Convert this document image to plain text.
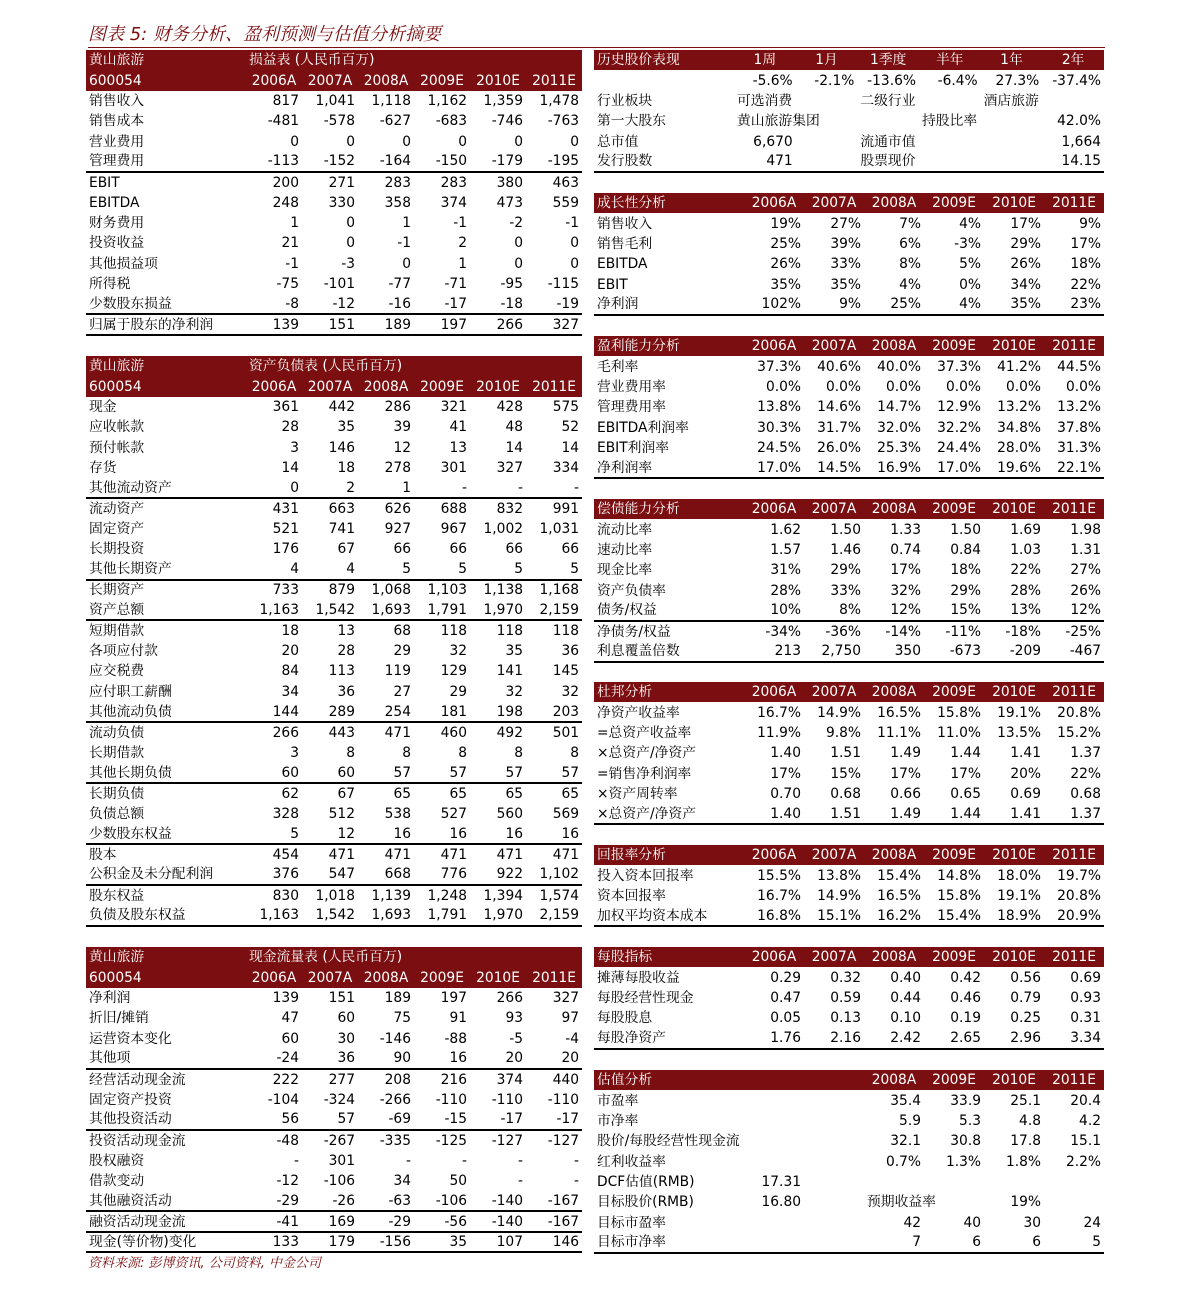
图表 5: 财务分析、盈利预测与估值分析摘要
黄山旅游	损益表 (人民币百万)					
600054	2006A	2007A	2008A	2009E	2010E	2011E
销售收入	817	1,041	1,118	1,162	1,359	1,478
销售成本	-481	-578	-627	-683	-746	-763
营业费用	0	0	0	0	0	0
管理费用	-113	-152	-164	-150	-179	-195
EBIT	200	271	283	283	380	463
EBITDA	248	330	358	374	473	559
财务费用	1	0	1	-1	-2	-1
投资收益	21	0	-1	2	0	0
其他损益项	-1	-3	0	1	0	0
所得税	-75	-101	-77	-71	-95	-115
少数股东损益	-8	-12	-16	-17	-18	-19
归属于股东的净利润	139	151	189	197	266	327
黄山旅游	资产负债表 (人民币百万)					
600054	2006A	2007A	2008A	2009E	2010E	2011E
现金	361	442	286	321	428	575
应收帐款	28	35	39	41	48	52
预付帐款	3	146	12	13	14	14
存货	14	18	278	301	327	334
其他流动资产	0	2	1	-	-	-
流动资产	431	663	626	688	832	991
固定资产	521	741	927	967	1,002	1,031
长期投资	176	67	66	66	66	66
其他长期资产	4	4	5	5	5	5
长期资产	733	879	1,068	1,103	1,138	1,168
资产总额	1,163	1,542	1,693	1,791	1,970	2,159
短期借款	18	13	68	118	118	118
各项应付款	20	28	29	32	35	36
应交税费	84	113	119	129	141	145
应付职工薪酬	34	36	27	29	32	32
其他流动负债	144	289	254	181	198	203
流动负债	266	443	471	460	492	501
长期借款	3	8	8	8	8	8
其他长期负债	60	60	57	57	57	57
长期负债	62	67	65	65	65	65
负债总额	328	512	538	527	560	569
少数股东权益	5	12	16	16	16	16
股本	454	471	471	471	471	471
公积金及未分配利润	376	547	668	776	922	1,102
股东权益	830	1,018	1,139	1,248	1,394	1,574
负债及股东权益	1,163	1,542	1,693	1,791	1,970	2,159
黄山旅游	现金流量表 (人民币百万)					
600054	2006A	2007A	2008A	2009E	2010E	2011E
净利润	139	151	189	197	266	327
折旧/摊销	47	60	75	91	93	97
运营资本变化	60	30	-146	-88	-5	-4
其他项	-24	36	90	16	20	20
经营活动现金流	222	277	208	216	374	440
固定资产投资	-104	-324	-266	-110	-110	-110
其他投资活动	56	57	-69	-15	-17	-17
投资活动现金流	-48	-267	-335	-125	-127	-127
股权融资	-	301	-	-	-	-
借款变动	-12	-106	34	50	-	-
其他融资活动	-29	-26	-63	-106	-140	-167
融资活动现金流	-41	169	-29	-56	-140	-167
现金(等价物)变化	133	179	-156	35	107	146
历史股价表现	1周	1月	1季度	半年	1年	2年
	-5.6%	-2.1%	-13.6%	-6.4%	27.3%	-37.4%
行业板块	可选消费		二级行业		酒店旅游	
第一大股东	黄山旅游集团			持股比率		42.0%
总市值	6,670		流通市值			1,664
发行股数	471		股票现价			14.15
成长性分析	2006A	2007A	2008A	2009E	2010E	2011E
销售收入	19%	27%	7%	4%	17%	9%
销售毛利	25%	39%	6%	-3%	29%	17%
EBITDA	26%	33%	8%	5%	26%	18%
EBIT	35%	35%	4%	0%	34%	22%
净利润	102%	9%	25%	4%	35%	23%
盈利能力分析	2006A	2007A	2008A	2009E	2010E	2011E
毛利率	37.3%	40.6%	40.0%	37.3%	41.2%	44.5%
营业费用率	0.0%	0.0%	0.0%	0.0%	0.0%	0.0%
管理费用率	13.8%	14.6%	14.7%	12.9%	13.2%	13.2%
EBITDA利润率	30.3%	31.7%	32.0%	32.2%	34.8%	37.8%
EBIT利润率	24.5%	26.0%	25.3%	24.4%	28.0%	31.3%
净利润率	17.0%	14.5%	16.9%	17.0%	19.6%	22.1%
偿债能力分析	2006A	2007A	2008A	2009E	2010E	2011E
流动比率	1.62	1.50	1.33	1.50	1.69	1.98
速动比率	1.57	1.46	0.74	0.84	1.03	1.31
现金比率	31%	29%	17%	18%	22%	27%
资产负债率	28%	33%	32%	29%	28%	26%
债务/权益	10%	8%	12%	15%	13%	12%
净债务/权益	-34%	-36%	-14%	-11%	-18%	-25%
利息覆盖倍数	213	2,750	350	-673	-209	-467
杜邦分析	2006A	2007A	2008A	2009E	2010E	2011E
净资产收益率	16.7%	14.9%	16.5%	15.8%	19.1%	20.8%
=总资产收益率	11.9%	9.8%	11.1%	11.0%	13.5%	15.2%
×总资产/净资产	1.40	1.51	1.49	1.44	1.41	1.37
=销售净利润率	17%	15%	17%	17%	20%	22%
×资产周转率	0.70	0.68	0.66	0.65	0.69	0.68
×总资产/净资产	1.40	1.51	1.49	1.44	1.41	1.37
回报率分析	2006A	2007A	2008A	2009E	2010E	2011E
投入资本回报率	15.5%	13.8%	15.4%	14.8%	18.0%	19.7%
资本回报率	16.7%	14.9%	16.5%	15.8%	19.1%	20.8%
加权平均资本成本	16.8%	15.1%	16.2%	15.4%	18.9%	20.9%
每股指标	2006A	2007A	2008A	2009E	2010E	2011E
摊薄每股收益	0.29	0.32	0.40	0.42	0.56	0.69
每股经营性现金	0.47	0.59	0.44	0.46	0.79	0.93
每股股息	0.05	0.13	0.10	0.19	0.25	0.31
每股净资产	1.76	2.16	2.42	2.65	2.96	3.34
估值分析			2008A	2009E	2010E	2011E
市盈率			35.4	33.9	25.1	20.4
市净率			5.9	5.3	4.8	4.2
股价/每股经营性现金流			32.1	30.8	17.8	15.1
红利收益率			0.7%	1.3%	1.8%	2.2%
DCF估值(RMB)	17.31					
目标股价(RMB)	16.80		预期收益率		19%	
目标市盈率			42	40	30	24
目标市净率			7	6	6	5
资料来源: 彭博资讯, 公司资料, 中金公司
